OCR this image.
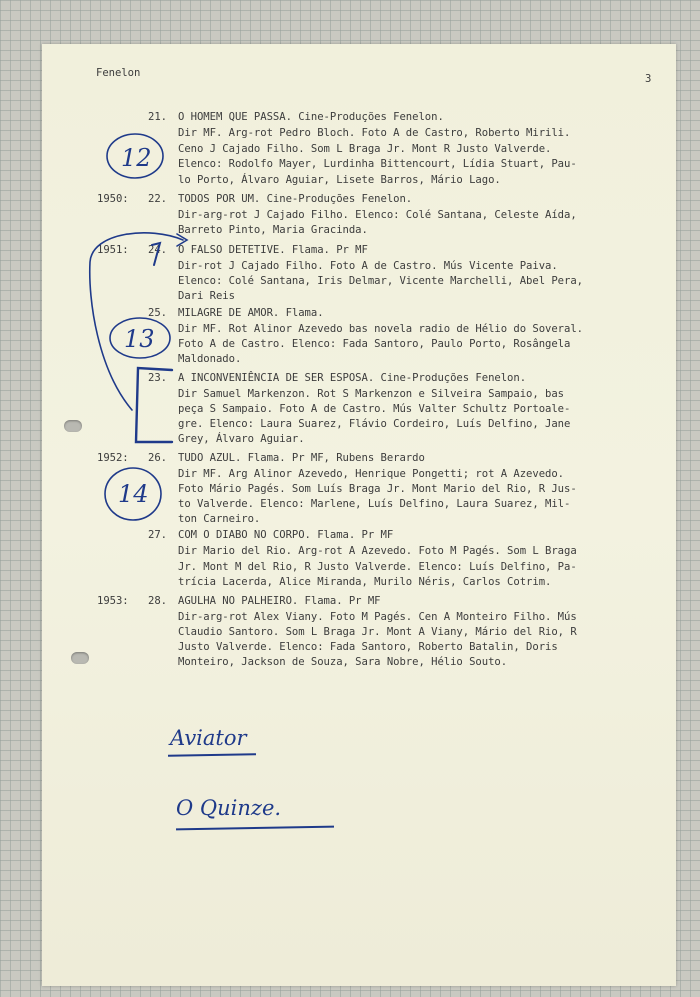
Fenelon	3

21. O HOMEM QUE PASSA. Cine-Produções Fenelon.

Dir MF. Arg-rot Pedro Bloch. Foto A de Castro, Roberto Mirili.

Ceno J Cajado Filho. Som L Braga Jr. Mont R Justo Valverde.

Elenco: Rodolfo Mayer, Lurdinha Bittencourt, Lídia Stuart, Pau-

lo Porto, Álvaro Aguiar, Lisete Barros, Mário Lago.

1950: 22. TODOS POR UM. Cine-Produções Fenelon.

Dir-arg-rot J Cajado Filho. Elenco: Colé Santana, Celeste Aída,

Barreto Pinto, Maria Gracinda.

1951: 24. O FALSO DETETIVE. Flama. Pr MF

Dir-rot J Cajado Filho. Foto A de Castro. Mús Vicente Paiva.

Elenco: Colé Santana, Iris Delmar, Vicente Marchelli, Abel Pera,

Dari Reis

25. MILAGRE DE AMOR. Flama.

Dir MF. Rot Alinor Azevedo bas novela radio de Hélio do Soveral.

Foto A de Castro. Elenco: Fada Santoro, Paulo Porto, Rosângela

Maldonado.

23. A INCONVENIÊNCIA DE SER ESPOSA. Cine-Produções Fenelon.

Dir Samuel Markenzon. Rot S Markenzon e Silveira Sampaio, bas

peça S Sampaio. Foto A de Castro. Mús Valter Schultz Portoale-

gre. Elenco: Laura Suarez, Flávio Cordeiro, Luís Delfino, Jane

Grey, Álvaro Aguiar.

1952: 26. TUDO AZUL. Flama. Pr MF, Rubens Berardo

Dir MF. Arg Alinor Azevedo, Henrique Pongetti; rot A Azevedo.

Foto Mário Pagés. Som Luís Braga Jr. Mont Mario del Rio, R Jus-

to Valverde. Elenco: Marlene, Luís Delfino, Laura Suarez, Mil-

ton Carneiro.

27. COM O DIABO NO CORPO. Flama. Pr MF

Dir Mario del Rio. Arg-rot A Azevedo. Foto M Pagés. Som L Braga

Jr. Mont M del Rio, R Justo Valverde. Elenco: Luís Delfino, Pa-

trícia Lacerda, Alice Miranda, Murilo Néris, Carlos Cotrim.

1953: 28. AGULHA NO PALHEIRO. Flama. Pr MF

Dir-arg-rot Alex Viany. Foto M Pagés. Cen A Monteiro Filho. Mús

Claudio Santoro. Som L Braga Jr. Mont A Viany, Mário del Rio, R

Justo Valverde. Elenco: Fada Santoro, Roberto Batalin, Doris

Monteiro, Jackson de Souza, Sara Nobre, Hélio Souto.

12
13
14
Aviator
O Quinze.
